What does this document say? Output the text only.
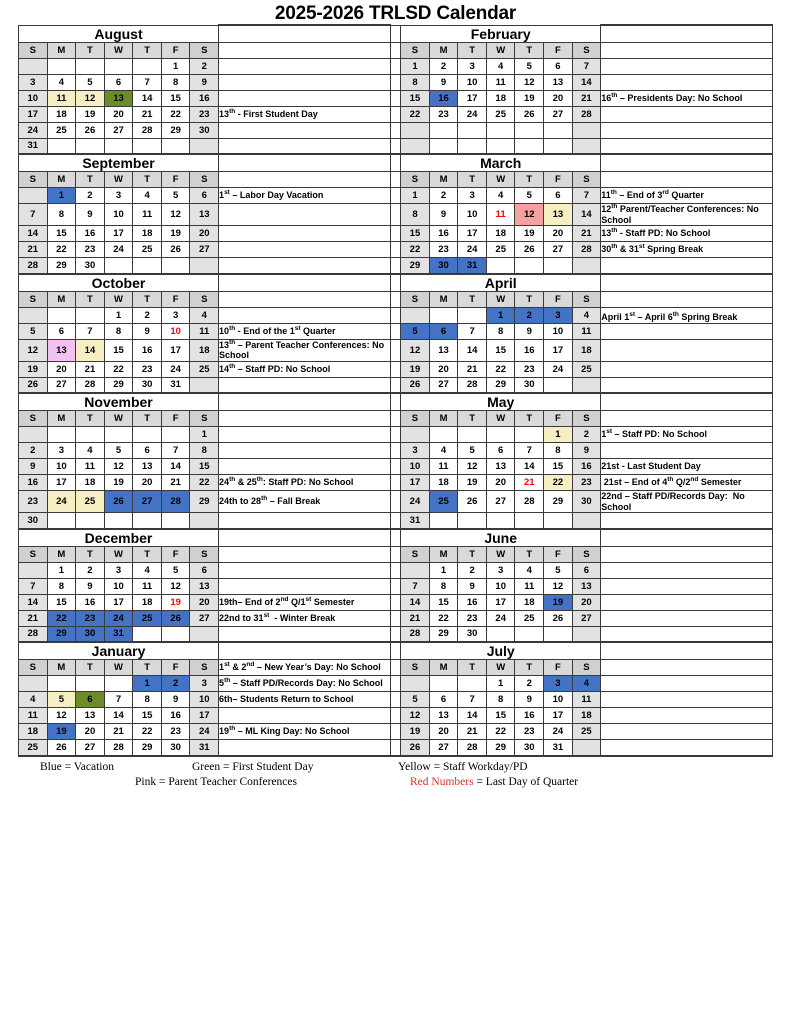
2025-2026 TRLSD Calendar
August									February							
S	M	T	W	T	F	S			S	M	T	W	T	F	S	
					1	2			1	2	3	4	5	6	7	
3	4	5	6	7	8	9			8	9	10	11	12	13	14	
10	11	12	13	14	15	16			15	16	17	18	19	20	21	16th – Presidents Day: No School
17	18	19	20	21	22	23	13th - First Student Day		22	23	24	25	26	27	28	
24	25	26	27	28	29	30										
31																
September									March							
S	M	T	W	T	F	S			S	M	T	W	T	F	S	
	1	2	3	4	5	6	1st – Labor Day Vacation		1	2	3	4	5	6	7	11th – End of 3rd Quarter
7	8	9	10	11	12	13			8	9	10	11	12	13	14	12th Parent/Teacher Conferences: No School
14	15	16	17	18	19	20			15	16	17	18	19	20	21	13th - Staff PD: No School
21	22	23	24	25	26	27			22	23	24	25	26	27	28	30th & 31st Spring Break
28	29	30							29	30	31					
October									April							
S	M	T	W	T	F	S			S	M	T	W	T	F	S	
			1	2	3	4						1	2	3	4	April 1st – April 6th Spring Break
5	6	7	8	9	10	11	10th - End of the 1st Quarter		5	6	7	8	9	10	11	
12	13	14	15	16	17	18	13th – Parent Teacher Conferences: No School		12	13	14	15	16	17	18	
19	20	21	22	23	24	25	14th – Staff PD: No School		19	20	21	22	23	24	25	
26	27	28	29	30	31				26	27	28	29	30			
November									May							
S	M	T	W	T	F	S			S	M	T	W	T	F	S	
						1								1	2	1st – Staff PD: No School
2	3	4	5	6	7	8			3	4	5	6	7	8	9	
9	10	11	12	13	14	15			10	11	12	13	14	15	16	21st - Last Student Day
16	17	18	19	20	21	22	24th & 25th: Staff PD: No School		17	18	19	20	21	22	23	21st – End of 4th Q/2nd Semester
23	24	25	26	27	28	29	24th to 28th – Fall Break		24	25	26	27	28	29	30	22nd – Staff PD/Records Day:  No School
30									31							
December									June							
S	M	T	W	T	F	S			S	M	T	W	T	F	S	
	1	2	3	4	5	6				1	2	3	4	5	6	
7	8	9	10	11	12	13			7	8	9	10	11	12	13	
14	15	16	17	18	19	20	19th– End of 2nd Q/1st Semester		14	15	16	17	18	19	20	
21	22	23	24	25	26	27	22nd to 31st  - Winter Break		21	22	23	24	25	26	27	
28	29	30	31						28	29	30					
January									July							
S	M	T	W	T	F	S	1st & 2nd – New Year’s Day: No School		S	M	T	W	T	F	S	
				1	2	3	5th – Staff PD/Records Day: No School					1	2	3	4	
4	5	6	7	8	9	10	6th– Students Return to School		5	6	7	8	9	10	11	
11	12	13	14	15	16	17			12	13	14	15	16	17	18	
18	19	20	21	22	23	24	19th – ML King Day: No School		19	20	21	22	23	24	25	
25	26	27	28	29	30	31			26	27	28	29	30	31		
Blue = Vacation	Green = First Student Day	Yellow = Staff Workday/PD
Pink = Parent Teacher Conferences	Red Numbers = Last Day of Quarter
